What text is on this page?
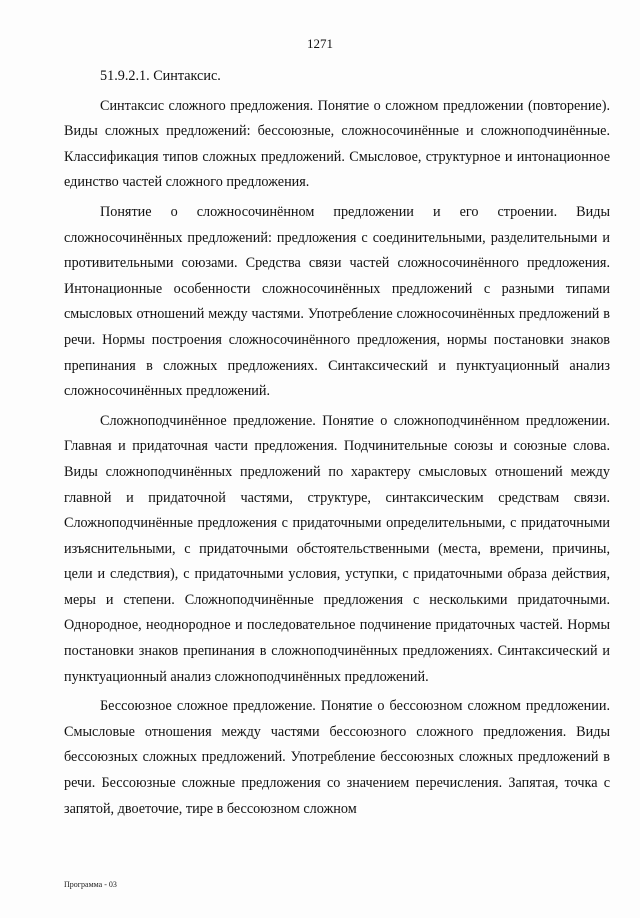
1271

51.9.2.1. Синтаксис.

Синтаксис сложного предложения. Понятие о сложном предложении (повторение). Виды сложных предложений: бессоюзные, сложносочинённые и сложноподчинённые. Классификация типов сложных предложений. Смысловое, структурное и интонационное единство частей сложного предложения.

Понятие о сложносочинённом предложении и его строении. Виды сложносочинённых предложений: предложения с соединительными, разделительными и противительными союзами. Средства связи частей сложносочинённого предложения. Интонационные особенности сложносочинённых предложений с разными типами смысловых отношений между частями. Употребление сложносочинённых предложений в речи. Нормы построения сложносочинённого предложения, нормы постановки знаков препинания в сложных предложениях. Синтаксический и пунктуационный анализ сложносочинённых предложений.

Сложноподчинённое предложение. Понятие о сложноподчинённом предложении. Главная и придаточная части предложения. Подчинительные союзы и союзные слова. Виды сложноподчинённых предложений по характеру смысловых отношений между главной и придаточной частями, структуре, синтаксическим средствам связи. Сложноподчинённые предложения с придаточными определительными, с придаточными изъяснительными, с придаточными обстоятельственными (места, времени, причины, цели и следствия), с придаточными условия, уступки, с придаточными образа действия, меры и степени. Сложноподчинённые предложения с несколькими придаточными. Однородное, неоднородное и последовательное подчинение придаточных частей. Нормы постановки знаков препинания в сложноподчинённых предложениях. Синтаксический и пунктуационный анализ сложноподчинённых предложений.

Бессоюзное сложное предложение. Понятие о бессоюзном сложном предложении. Смысловые отношения между частями бессоюзного сложного предложения. Виды бессоюзных сложных предложений. Употребление бессоюзных сложных предложений в речи. Бессоюзные сложные предложения со значением перечисления. Запятая, точка с запятой, двоеточие, тире в бессоюзном сложном

Программа - 03
